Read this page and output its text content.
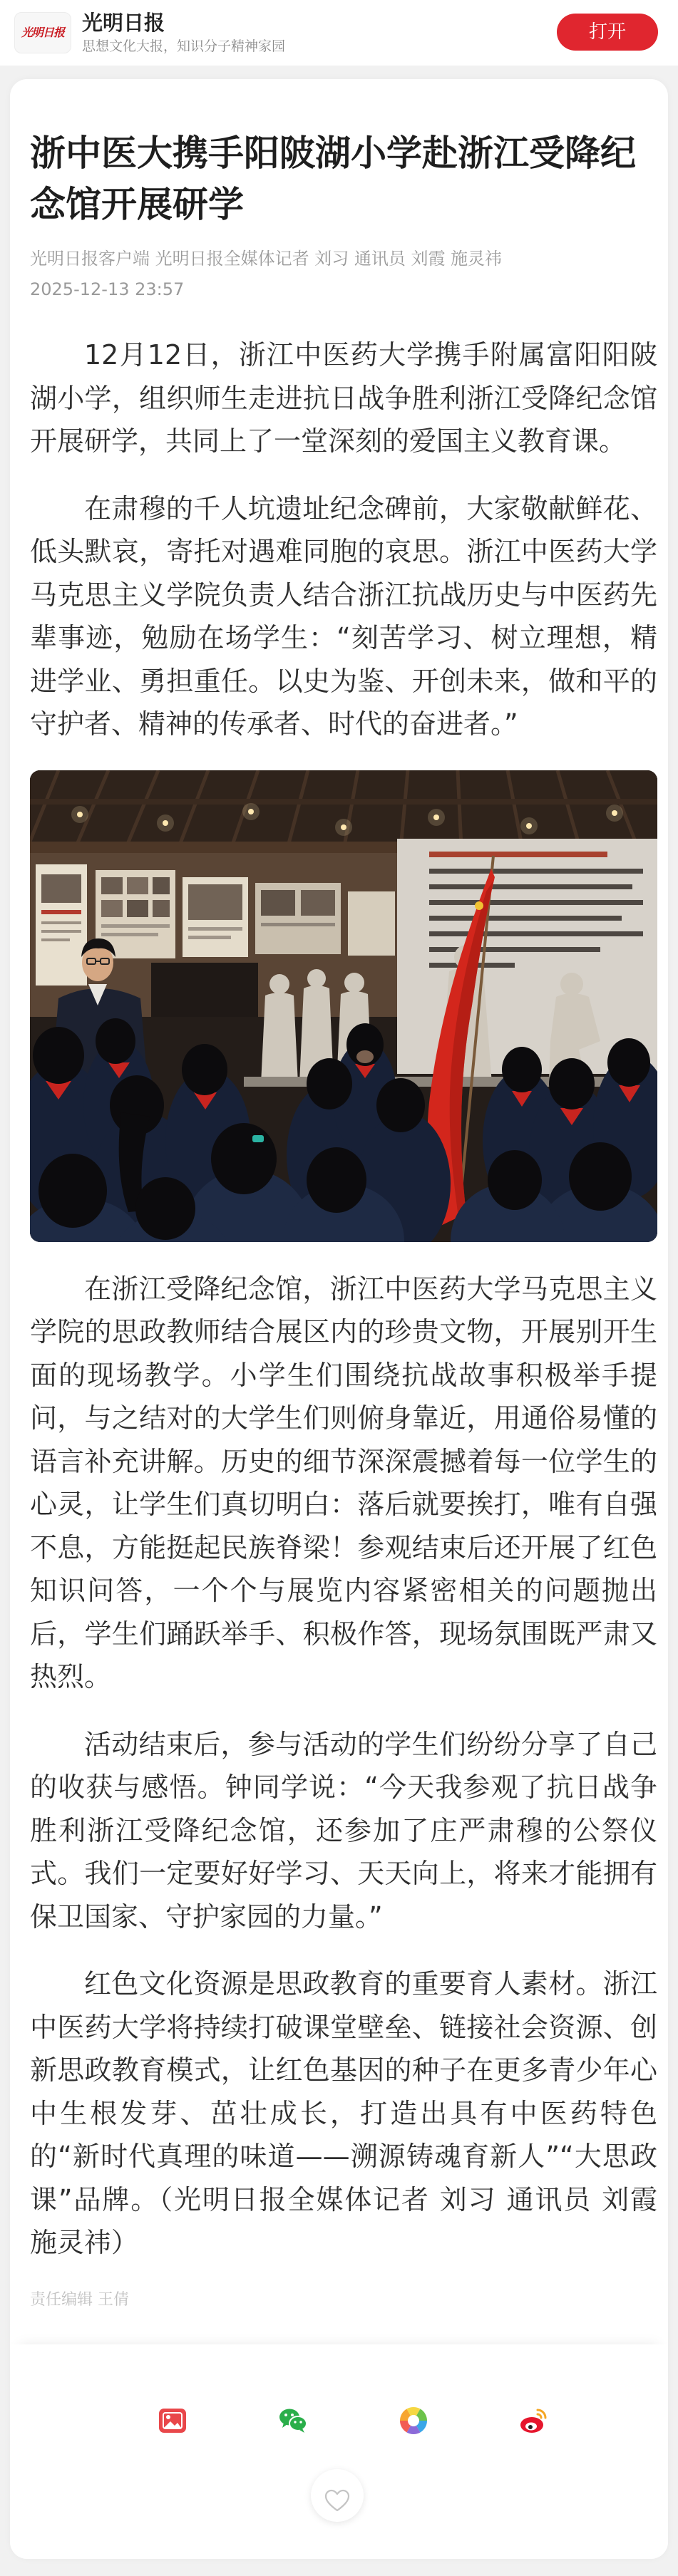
光明日报 光明日报
思想文化大报，知识分子精神家园
打开
浙中医大携手阳陂湖小学赴浙江受降纪念馆开展研学
光明日报客户端 光明日报全媒体记者 刘习 通讯员 刘霞 施灵祎
2025-12-13 23:57

12月12日，浙江中医药大学携手附属富阳阳陂湖小学，组织师生走进抗日战争胜利浙江受降纪念馆开展研学，共同上了一堂深刻的爱国主义教育课。

在肃穆的千人坑遗址纪念碑前，大家敬献鲜花、低头默哀，寄托对遇难同胞的哀思。浙江中医药大学马克思主义学院负责人结合浙江抗战历史与中医药先辈事迹，勉励在场学生：“刻苦学习、树立理想，精进学业、勇担重任。以史为鉴、开创未来，做和平的守护者、精神的传承者、时代的奋进者。”

在浙江受降纪念馆，浙江中医药大学马克思主义学院的思政教师结合展区内的珍贵文物，开展别开生面的现场教学。小学生们围绕抗战故事积极举手提问，与之结对的大学生们则俯身靠近，用通俗易懂的语言补充讲解。历史的细节深深震撼着每一位学生的心灵，让学生们真切明白：落后就要挨打，唯有自强不息，方能挺起民族脊梁！参观结束后还开展了红色知识问答，一个个与展览内容紧密相关的问题抛出后，学生们踊跃举手、积极作答，现场氛围既严肃又热烈。

活动结束后，参与活动的学生们纷纷分享了自己的收获与感悟。钟同学说：“今天我参观了抗日战争胜利浙江受降纪念馆，还参加了庄严肃穆的公祭仪式。我们一定要好好学习、天天向上，将来才能拥有保卫国家、守护家园的力量。”

红色文化资源是思政教育的重要育人素材。浙江中医药大学将持续打破课堂壁垒、链接社会资源、创新思政教育模式，让红色基因的种子在更多青少年心中生根发芽、茁壮成长，打造出具有中医药特色的“新时代真理的味道——溯源铸魂育新人”“大思政课”品牌。（光明日报全媒体记者 刘习 通讯员 刘霞 施灵祎）

责任编辑 王倩
